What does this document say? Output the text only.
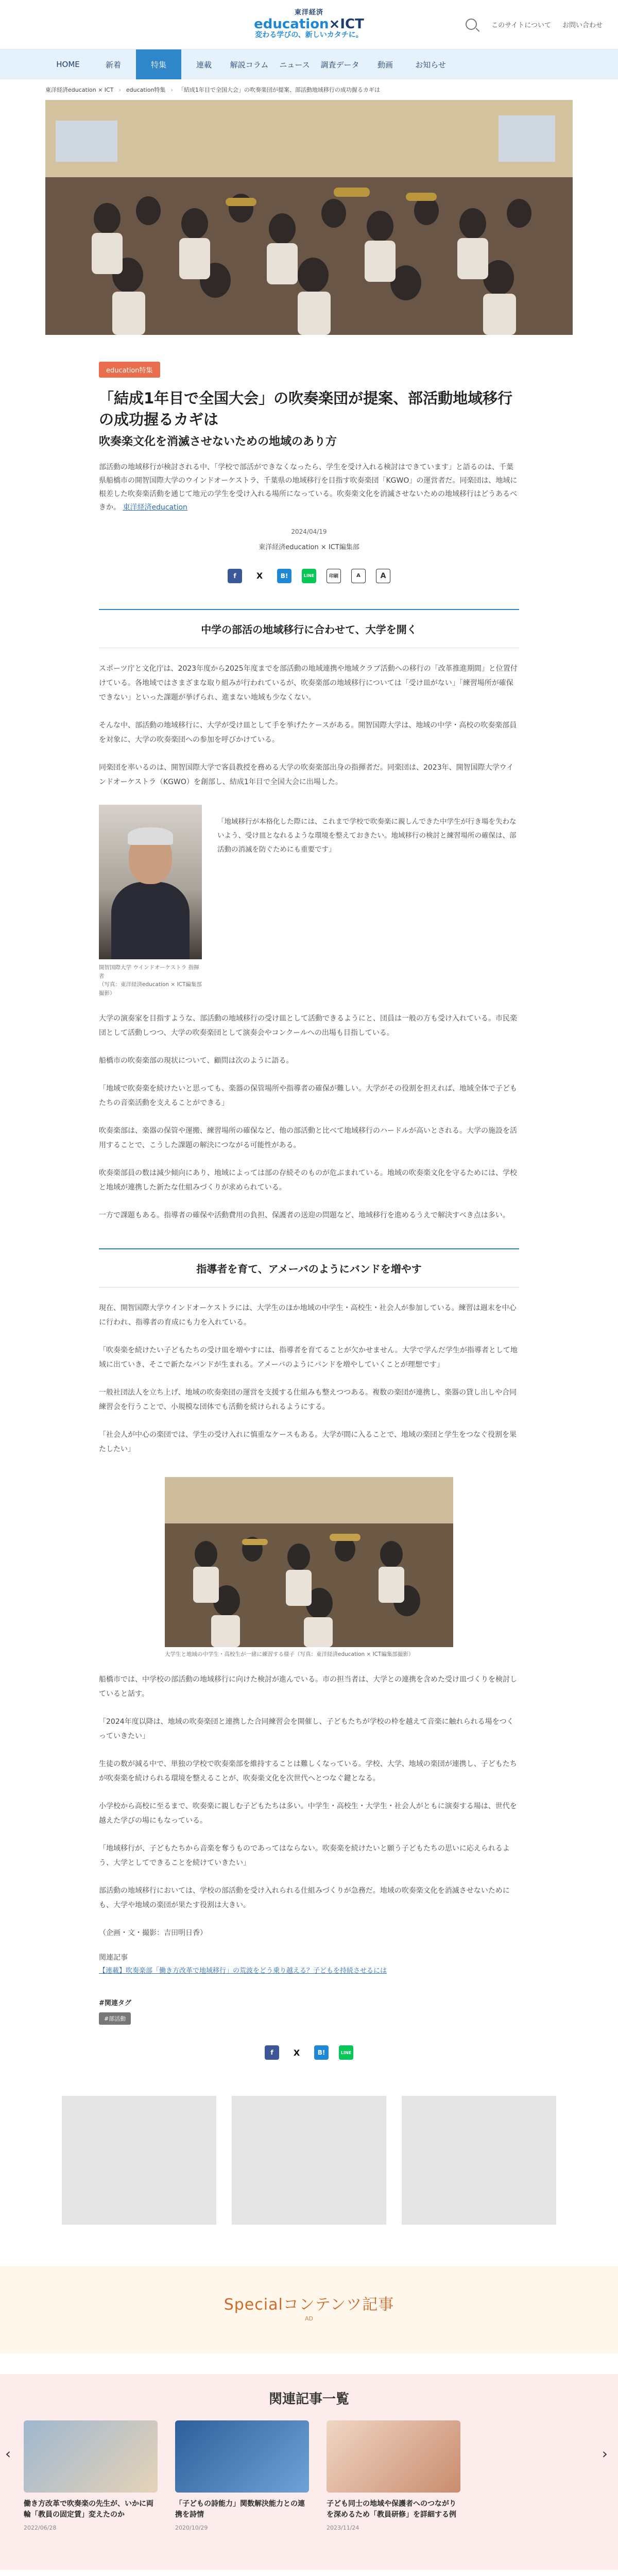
東洋経済
education×ICT
変わる学びの、新しいカタチに。
このサイトについて お問い合わせ
HOME	新着	特集	連載	解説コラム	ニュース	調査データ	動画	お知らせ
東洋経済education × ICT › education特集 › 「結成1年目で全国大会」の吹奏楽団が提案、部活動地域移行の成功握るカギは
education特集
「結成1年目で全国大会」の吹奏楽団が提案、部活動地域移行の成功握るカギは
吹奏楽文化を消滅させないための地域のあり方

部活動の地域移行が検討される中、「学校で部活ができなくなったら、学生を受け入れる検討はできています」と語るのは、千葉県船橋市の開智国際大学のウインドオーケストラ、千葉県の地域移行を目指す吹奏楽団「KGWO」の運営者だ。同楽団は、地域に根差した吹奏楽活動を通じて地元の学生を受け入れる場所になっている。吹奏楽文化を消滅させないための地域移行はどうあるべきか。 東洋経済education

2024/04/19
東洋経済education × ICT編集部
f	X	B!	LINE	印刷	A	A
中学の部活の地域移行に合わせて、大学を開く

スポーツ庁と文化庁は、2023年度から2025年度までを部活動の地域連携や地域クラブ活動への移行の「改革推進期間」と位置付けている。各地域ではさまざまな取り組みが行われているが、吹奏楽部の地域移行については「受け皿がない」「練習場所が確保できない」といった課題が挙げられ、進まない地域も少なくない。

そんな中、部活動の地域移行に、大学が受け皿として手を挙げたケースがある。開智国際大学は、地域の中学・高校の吹奏楽部員を対象に、大学の吹奏楽団への参加を呼びかけている。

同楽団を率いるのは、開智国際大学で客員教授を務める大学の吹奏楽部出身の指揮者だ。同楽団は、2023年、開智国際大学ウインドオーケストラ（KGWO）を創部し、結成1年目で全国大会に出場した。

開智国際大学 ウインドオーケストラ 指揮者
（写真：東洋経済education × ICT編集部撮影）

「地域移行が本格化した際には、これまで学校で吹奏楽に親しんできた中学生が行き場を失わないよう、受け皿となれるような環境を整えておきたい。地域移行の検討と練習場所の確保は、部活動の消滅を防ぐためにも重要です」

大学の演奏家を目指すような、部活動の地域移行の受け皿として活動できるようにと、団員は一般の方も受け入れている。市民楽団として活動しつつ、大学の吹奏楽団として演奏会やコンクールへの出場も目指している。

船橋市の吹奏楽部の現状について、顧問は次のように語る。

「地域で吹奏楽を続けたいと思っても、楽器の保管場所や指導者の確保が難しい。大学がその役割を担えれば、地域全体で子どもたちの音楽活動を支えることができる」

吹奏楽部は、楽器の保管や運搬、練習場所の確保など、他の部活動と比べて地域移行のハードルが高いとされる。大学の施設を活用することで、こうした課題の解決につながる可能性がある。

吹奏楽部員の数は減少傾向にあり、地域によっては部の存続そのものが危ぶまれている。地域の吹奏楽文化を守るためには、学校と地域が連携した新たな仕組みづくりが求められている。

一方で課題もある。指導者の確保や活動費用の負担、保護者の送迎の問題など、地域移行を進めるうえで解決すべき点は多い。

指導者を育て、アメーバのようにバンドを増やす

現在、開智国際大学ウインドオーケストラには、大学生のほか地域の中学生・高校生・社会人が参加している。練習は週末を中心に行われ、指導者の育成にも力を入れている。

「吹奏楽を続けたい子どもたちの受け皿を増やすには、指導者を育てることが欠かせません。大学で学んだ学生が指導者として地域に出ていき、そこで新たなバンドが生まれる。アメーバのようにバンドを増やしていくことが理想です」

一般社団法人を立ち上げ、地域の吹奏楽団の運営を支援する仕組みも整えつつある。複数の楽団が連携し、楽器の貸し出しや合同練習会を行うことで、小規模な団体でも活動を続けられるようにする。

「社会人が中心の楽団では、学生の受け入れに慎重なケースもある。大学が間に入ることで、地域の楽団と学生をつなぐ役割を果たしたい」

大学生と地域の中学生・高校生が一緒に練習する様子（写真：東洋経済education × ICT編集部撮影）

船橋市では、中学校の部活動の地域移行に向けた検討が進んでいる。市の担当者は、大学との連携を含めた受け皿づくりを検討していると話す。

「2024年度以降は、地域の吹奏楽団と連携した合同練習会を開催し、子どもたちが学校の枠を越えて音楽に触れられる場をつくっていきたい」

生徒の数が減る中で、単独の学校で吹奏楽部を維持することは難しくなっている。学校、大学、地域の楽団が連携し、子どもたちが吹奏楽を続けられる環境を整えることが、吹奏楽文化を次世代へとつなぐ鍵となる。

小学校から高校に至るまで、吹奏楽に親しむ子どもたちは多い。中学生・高校生・大学生・社会人がともに演奏する場は、世代を越えた学びの場にもなっている。

「地域移行が、子どもたちから音楽を奪うものであってはならない。吹奏楽を続けたいと願う子どもたちの思いに応えられるよう、大学としてできることを続けていきたい」

部活動の地域移行においては、学校の部活動を受け入れられる仕組みづくりが急務だ。地域の吹奏楽文化を消滅させないためにも、大学や地域の楽団が果たす役割は大きい。

（企画・文・撮影：吉田明日香）

関連記事

【連載】吹奏楽部「働き方改革で地域移行」の荒波をどう乗り越える？子どもを持続させるには

#関連タグ
#部活動
f	X	B!	LINE
Specialコンテンツ記事
AD
関連記事一覧
‹
働き方改革で吹奏楽の先生が、いかに両輪「教員の固定賃」変えたのか
2022/06/28
「子どもの詩能力」関数解決能力との連携を詩情
2020/10/29
子ども同士の地域や保護者へのつながりを深めるため「教員研修」を詳細する例
2023/11/24
›
